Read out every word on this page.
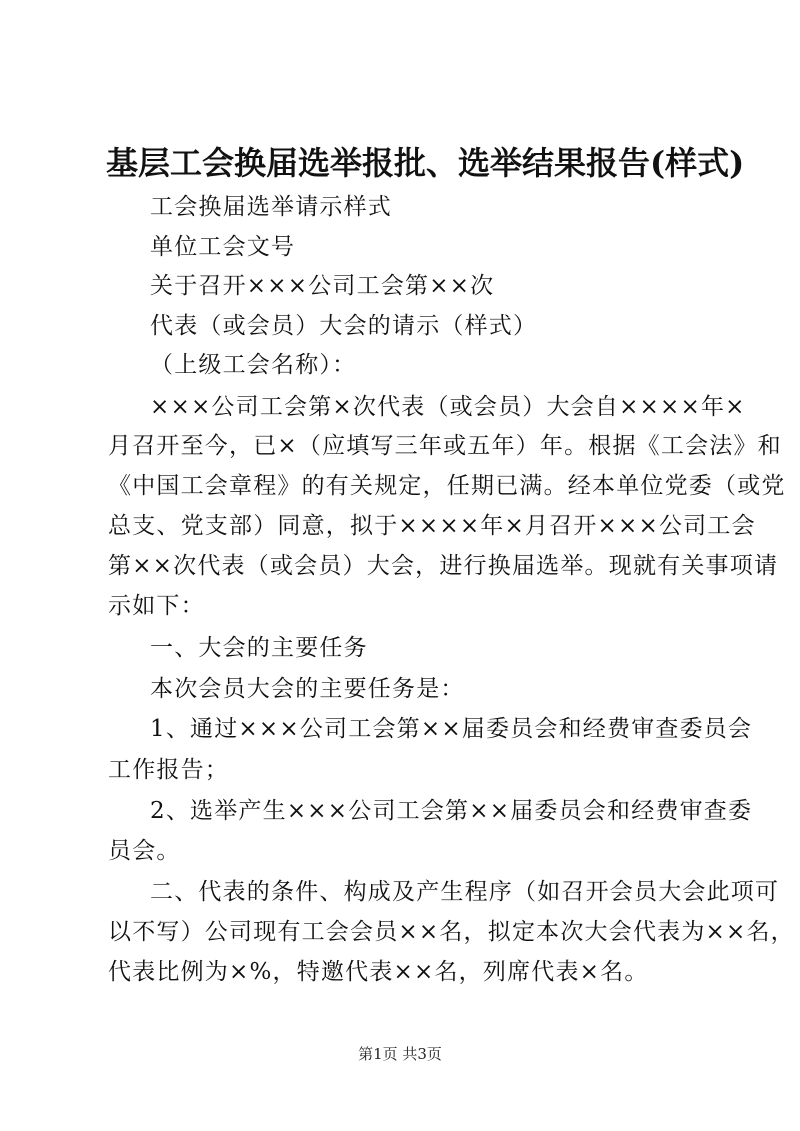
基层工会换届选举报批、选举结果报告(样式)
工会换届选举请示样式
单位工会文号
关于召开×××公司工会第××次
代表（或会员）大会的请示（样式）
（上级工会名称）：
×××公司工会第×次代表（或会员）大会自××××年×
月召开至今，已×（应填写三年或五年）年。根据《工会法》和
《中国工会章程》的有关规定，任期已满。经本单位党委（或党
总支、党支部）同意，拟于××××年×月召开×××公司工会
第××次代表（或会员）大会，进行换届选举。现就有关事项请
示如下：
一、大会的主要任务
本次会员大会的主要任务是：
1、通过×××公司工会第××届委员会和经费审查委员会
工作报告；
2、选举产生×××公司工会第××届委员会和经费审查委
员会。
二、代表的条件、构成及产生程序（如召开会员大会此项可
以不写）公司现有工会会员××名，拟定本次大会代表为××名，
代表比例为×%，特邀代表××名，列席代表×名。
第1页 共3页
